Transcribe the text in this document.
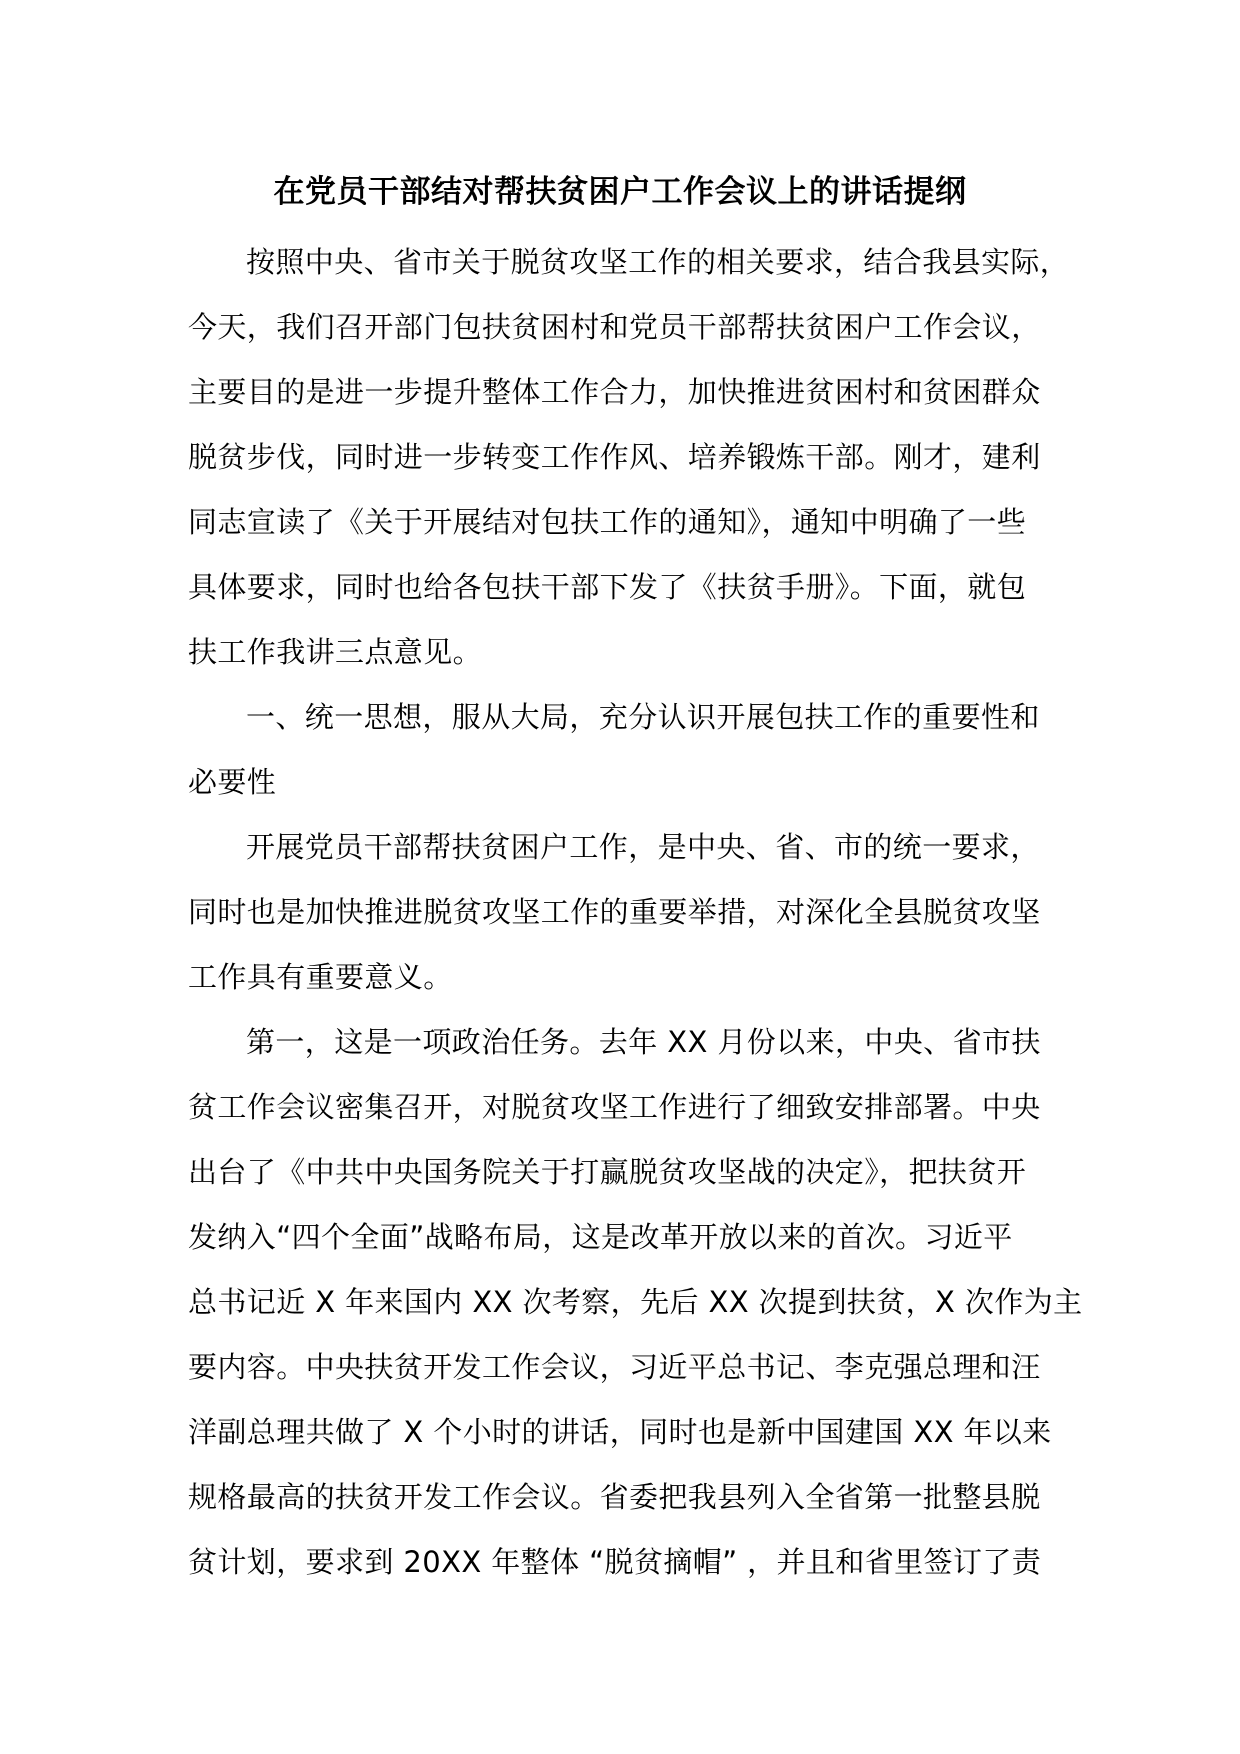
在党员干部结对帮扶贫困户工作会议上的讲话提纲
按照中央、省市关于脱贫攻坚工作的相关要求，结合我县实际，
今天，我们召开部门包扶贫困村和党员干部帮扶贫困户工作会议，
主要目的是进一步提升整体工作合力，加快推进贫困村和贫困群众
脱贫步伐，同时进一步转变工作作风、培养锻炼干部。刚才，建利
同志宣读了《关于开展结对包扶工作的通知》，通知中明确了一些
具体要求，同时也给各包扶干部下发了《扶贫手册》。下面，就包
扶工作我讲三点意见。
一、统一思想，服从大局，充分认识开展包扶工作的重要性和
必要性
开展党员干部帮扶贫困户工作，是中央、省、市的统一要求，
同时也是加快推进脱贫攻坚工作的重要举措，对深化全县脱贫攻坚
工作具有重要意义。
第一，这是一项政治任务。去年 XX 月份以来，中央、省市扶
贫工作会议密集召开，对脱贫攻坚工作进行了细致安排部署。中央
出台了《中共中央国务院关于打赢脱贫攻坚战的决定》，把扶贫开
发纳入“四个全面”战略布局，这是改革开放以来的首次。习近平
总书记近 X 年来国内 XX 次考察，先后 XX 次提到扶贫，X 次作为主
要内容。中央扶贫开发工作会议，习近平总书记、李克强总理和汪
洋副总理共做了 X 个小时的讲话，同时也是新中国建国 XX 年以来
规格最高的扶贫开发工作会议。省委把我县列入全省第一批整县脱
贫计划，要求到 20XX 年整体 “脱贫摘帽” ，并且和省里签订了责
